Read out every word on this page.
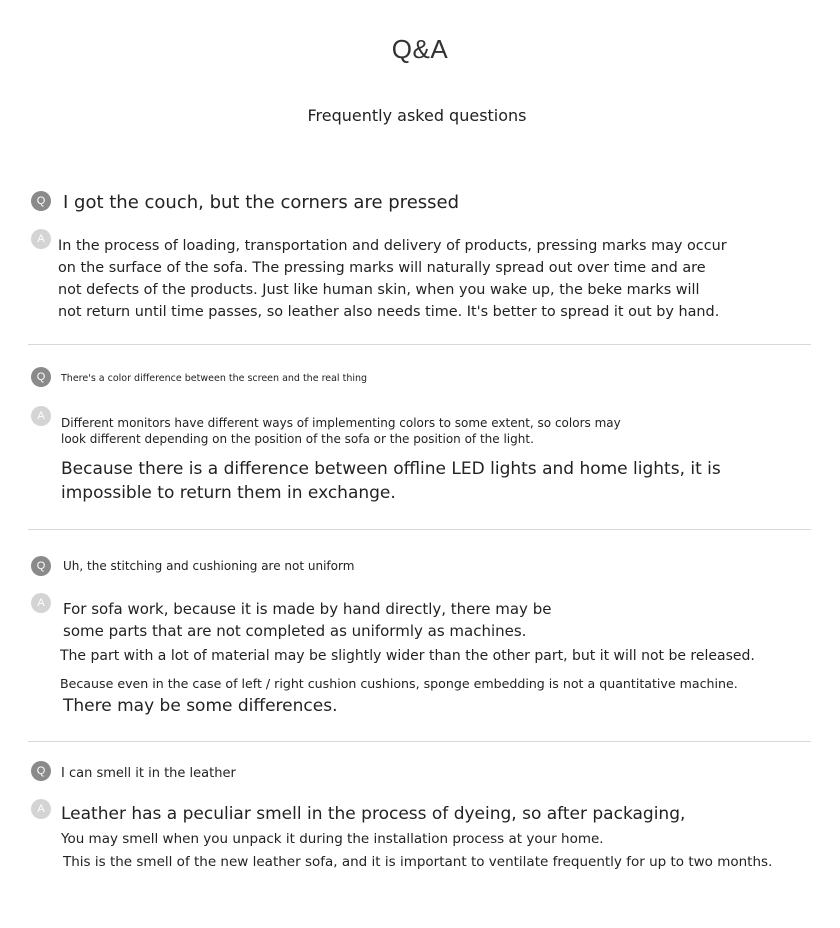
Q&A
Frequently asked questions
Q I got the couch, but the corners are pressed
A In the process of loading, transportation and delivery of products, pressing marks may occur
on the surface of the sofa. The pressing marks will naturally spread out over time and are
not defects of the products. Just like human skin, when you wake up, the beke marks will
not return until time passes, so leather also needs time. It's better to spread it out by hand.
Q	There's a color difference between the screen and the real thing
A	Different monitors have different ways of implementing colors to some extent, so colors may
look different depending on the position of the sofa or the position of the light.
Because there is a difference between offline LED lights and home lights, it is
impossible to return them in exchange.
Q	Uh, the stitching and cushioning are not uniform
A	For sofa work, because it is made by hand directly, there may be
some parts that are not completed as uniformly as machines.
The part with a lot of material may be slightly wider than the other part, but it will not be released.
Because even in the case of left / right cushion cushions, sponge embedding is not a quantitative machine.
There may be some differences.
Q	I can smell it in the leather
A Leather has a peculiar smell in the process of dyeing, so after packaging,
You may smell when you unpack it during the installation process at your home.
This is the smell of the new leather sofa, and it is important to ventilate frequently for up to two months.
